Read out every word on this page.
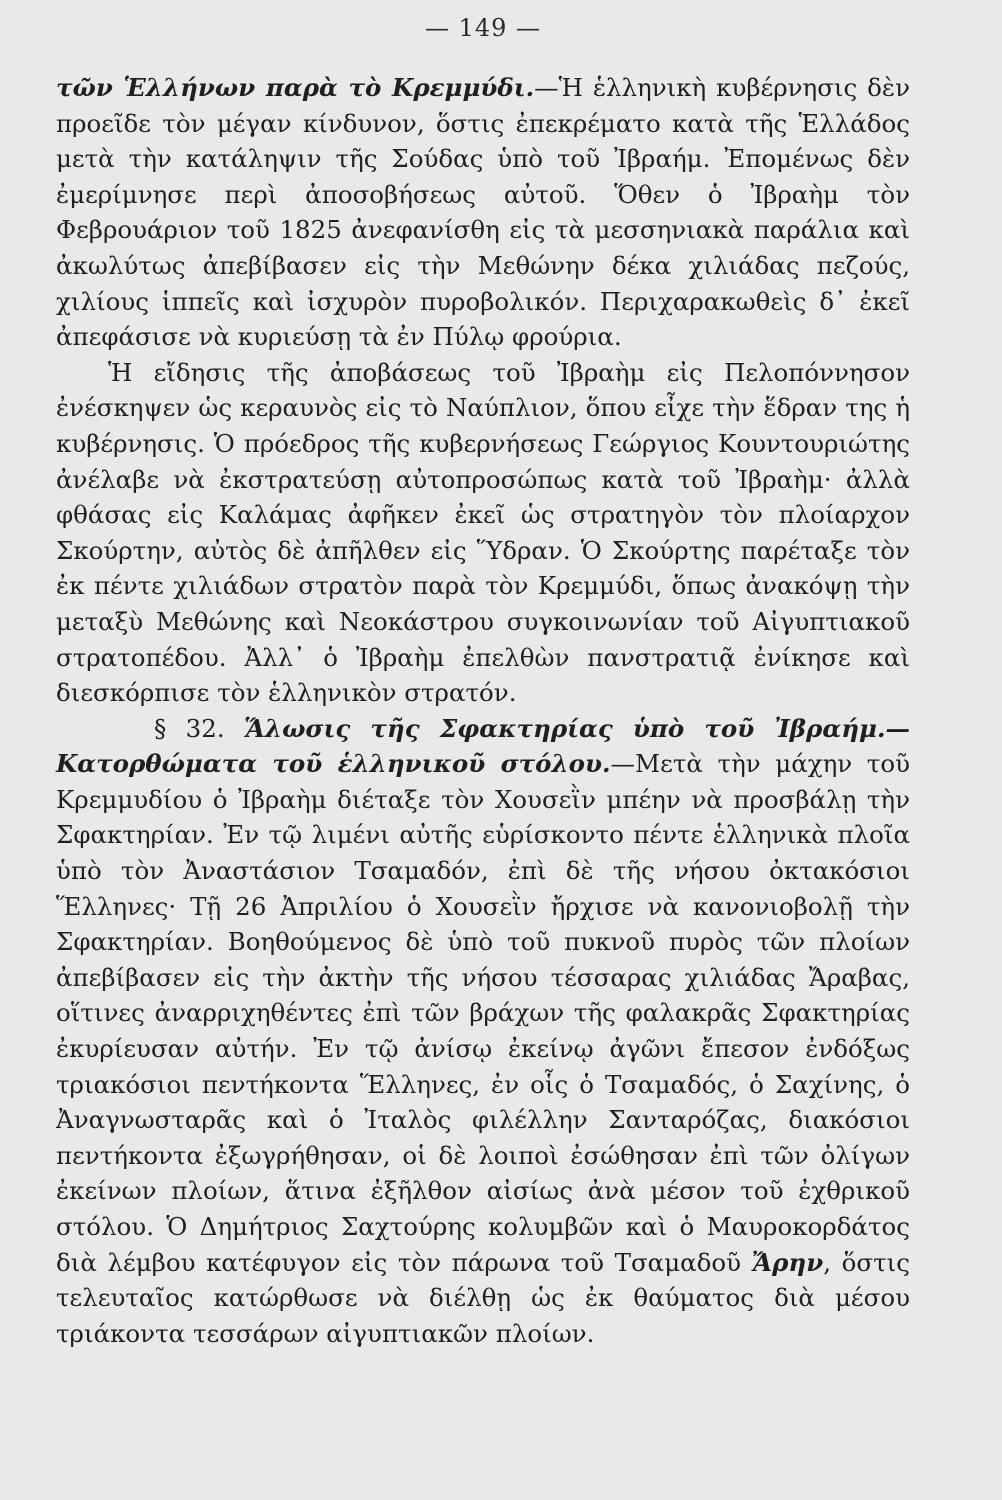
— 149 —

τῶν Ἑλλήνων παρὰ τὸ Κρεμμύδι.—Ἡ ἑλληνικὴ κυβέρνησις δὲν προεῖδε τὸν μέγαν κίνδυνον, ὅστις ἐπεκρέματο κατὰ τῆς Ἑλλάδος μετὰ τὴν κατάληψιν τῆς Σούδας ὑπὸ τοῦ Ἰβραήμ. Ἐπομένως δὲν ἐμερίμνησε περὶ ἀποσοβήσεως αὐτοῦ. Ὅθεν ὁ Ἰβραὴμ τὸν Φεβρουάριον τοῦ 1825 ἀνεφανίσθη εἰς τὰ μεσσηνιακὰ παράλια καὶ ἀκωλύτως ἀπεβίβασεν εἰς τὴν Μεθώνην δέκα χιλιάδας πεζούς, χιλίους ἱππεῖς καὶ ἰσχυρὸν πυροβολικόν. Περιχαρακωθεὶς δ᾽ ἐκεῖ ἀπεφάσισε νὰ κυριεύσῃ τὰ ἐν Πύλῳ φρούρια.

Ἡ εἴδησις τῆς ἀποβάσεως τοῦ Ἰβραὴμ εἰς Πελοπόννησον ἐνέσκηψεν ὡς κεραυνὸς εἰς τὸ Ναύπλιον, ὅπου εἶχε τὴν ἕδραν της ἡ κυβέρνησις. Ὁ πρόεδρος τῆς κυβερνήσεως Γεώργιος Κουντουριώτης ἀνέλαβε νὰ ἐκστρατεύσῃ αὐτοπροσώπως κατὰ τοῦ Ἰβραὴμ· ἀλλὰ φθάσας εἰς Καλάμας ἀφῆκεν ἐκεῖ ὡς στρατηγὸν τὸν πλοίαρχον Σκούρτην, αὐτὸς δὲ ἀπῆλθεν εἰς Ὕδραν. Ὁ Σκούρτης παρέταξε τὸν ἐκ πέντε χιλιάδων στρατὸν παρὰ τὸν Κρεμμύδι, ὅπως ἀνακόψῃ τὴν μεταξὺ Μεθώνης καὶ Νεοκάστρου συγκοινωνίαν τοῦ Αἰγυπτιακοῦ στρατοπέδου. Ἀλλ᾽ ὁ Ἰβραὴμ ἐπελθὼν πανστρατιᾷ ἐνίκησε καὶ διεσκόρπισε τὸν ἑλληνικὸν στρατόν.

§ 32. Ἅλωσις τῆς Σφακτηρίας ὑπὸ τοῦ Ἰβραήμ.—Κατορθώματα τοῦ ἑλληνικοῦ στόλου.—Μετὰ τὴν μάχην τοῦ Κρεμμυδίου ὁ Ἰβραὴμ διέταξε τὸν Χουσεῒν μπέην νὰ προσβάλῃ τὴν Σφακτηρίαν. Ἐν τῷ λιμένι αὐτῆς εὑρίσκοντο πέντε ἑλληνικὰ πλοῖα ὑπὸ τὸν Ἀναστάσιον Τσαμαδόν, ἐπὶ δὲ τῆς νήσου ὀκτακόσιοι Ἕλληνες· Τῇ 26 Ἀπριλίου ὁ Χουσεῒν ἤρχισε νὰ κανονιοβολῇ τὴν Σφακτηρίαν. Βοηθούμενος δὲ ὑπὸ τοῦ πυκνοῦ πυρὸς τῶν πλοίων ἀπεβίβασεν εἰς τὴν ἀκτὴν τῆς νήσου τέσσαρας χιλιάδας Ἄραβας, οἵτινες ἀναρριχηθέντες ἐπὶ τῶν βράχων τῆς φαλακρᾶς Σφακτηρίας ἐκυρίευσαν αὐτήν. Ἐν τῷ ἀνίσῳ ἐκείνῳ ἀγῶνι ἔπεσον ἐνδόξως τριακόσιοι πεντήκοντα Ἕλληνες, ἐν οἷς ὁ Τσαμαδός, ὁ Σαχίνης, ὁ Ἀναγνωσταρᾶς καὶ ὁ Ἰταλὸς φιλέλλην Σανταρόζας, διακόσιοι πεντήκοντα ἐξωγρήθησαν, οἱ δὲ λοιποὶ ἐσώθησαν ἐπὶ τῶν ὀλίγων ἐκείνων πλοίων, ἅτινα ἐξῆλθον αἰσίως ἀνὰ μέσον τοῦ ἐχθρικοῦ στόλου. Ὁ Δημήτριος Σαχτούρης κολυμβῶν καὶ ὁ Μαυροκορδάτος διὰ λέμβου κατέφυγον εἰς τὸν πάρωνα τοῦ Τσαμαδοῦ Ἄρην, ὅστις τελευταῖος κατώρθωσε νὰ διέλθῃ ὡς ἐκ θαύματος διὰ μέσου τριάκοντα τεσσάρων αἰγυπτιακῶν πλοίων.
